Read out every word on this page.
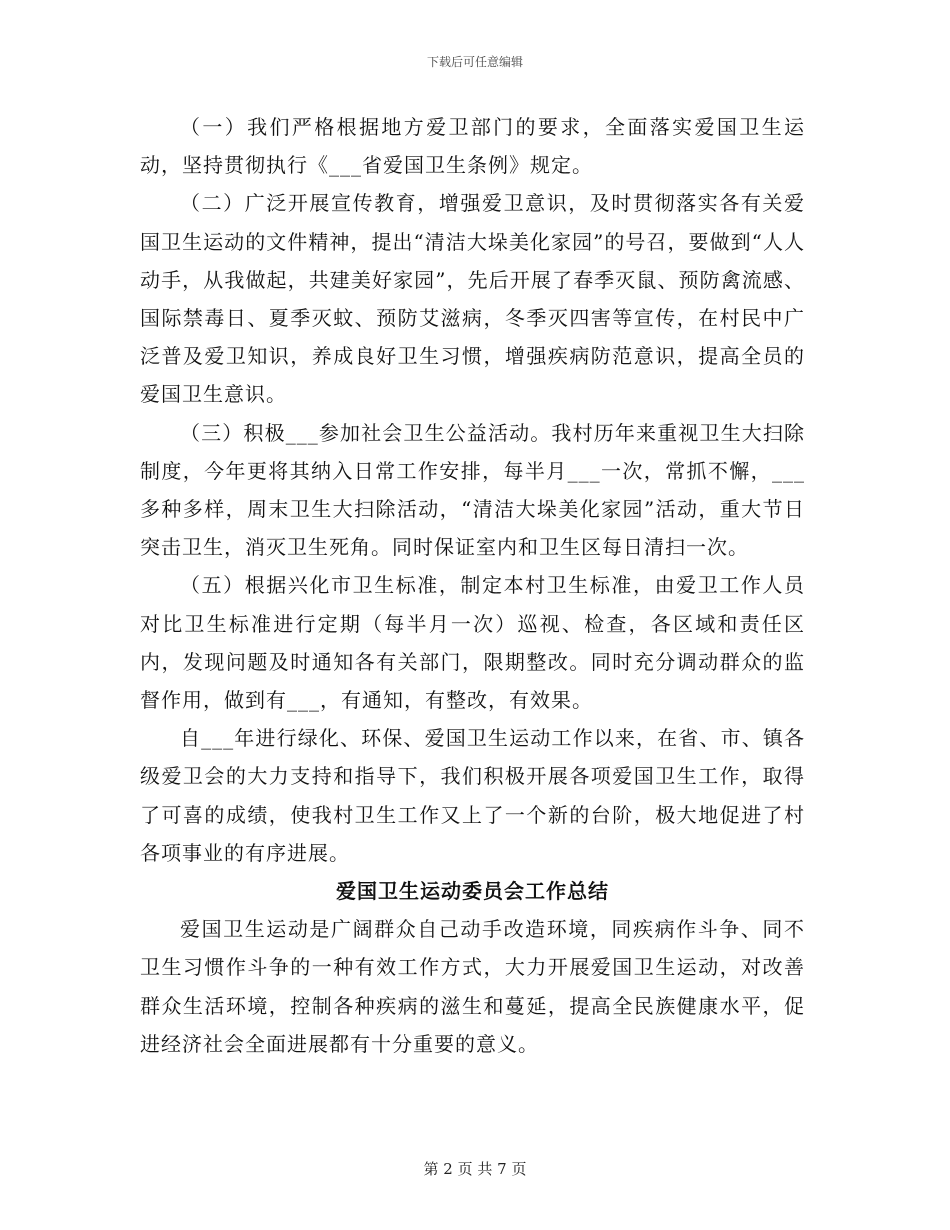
下载后可任意编辑

（一）我们严格根据地方爱卫部门的要求，全面落实爱国卫生运动，坚持贯彻执行《___省爱国卫生条例》规定。

（二）广泛开展宣传教育，增强爱卫意识，及时贯彻落实各有关爱国卫生运动的文件精神，提出“清洁大垛美化家园”的号召，要做到“人人动手，从我做起，共建美好家园”，先后开展了春季灭鼠、预防禽流感、国际禁毒日、夏季灭蚊、预防艾滋病，冬季灭四害等宣传，在村民中广泛普及爱卫知识，养成良好卫生习惯，增强疾病防范意识，提高全员的爱国卫生意识。

（三）积极___参加社会卫生公益活动。我村历年来重视卫生大扫除制度，今年更将其纳入日常工作安排，每半月___一次，常抓不懈，___多种多样，周末卫生大扫除活动，“清洁大垛美化家园”活动，重大节日突击卫生，消灭卫生死角。同时保证室内和卫生区每日清扫一次。

（五）根据兴化市卫生标准，制定本村卫生标准，由爱卫工作人员对比卫生标准进行定期（每半月一次）巡视、检查，各区域和责任区内，发现问题及时通知各有关部门，限期整改。同时充分调动群众的监督作用，做到有___，有通知，有整改，有效果。

自___年进行绿化、环保、爱国卫生运动工作以来，在省、市、镇各级爱卫会的大力支持和指导下，我们积极开展各项爱国卫生工作，取得了可喜的成绩，使我村卫生工作又上了一个新的台阶，极大地促进了村各项事业的有序进展。

爱国卫生运动委员会工作总结

爱国卫生运动是广阔群众自己动手改造环境，同疾病作斗争、同不卫生习惯作斗争的一种有效工作方式，大力开展爱国卫生运动，对改善群众生活环境，控制各种疾病的滋生和蔓延，提高全民族健康水平，促进经济社会全面进展都有十分重要的意义。

第 2 页 共 7 页
